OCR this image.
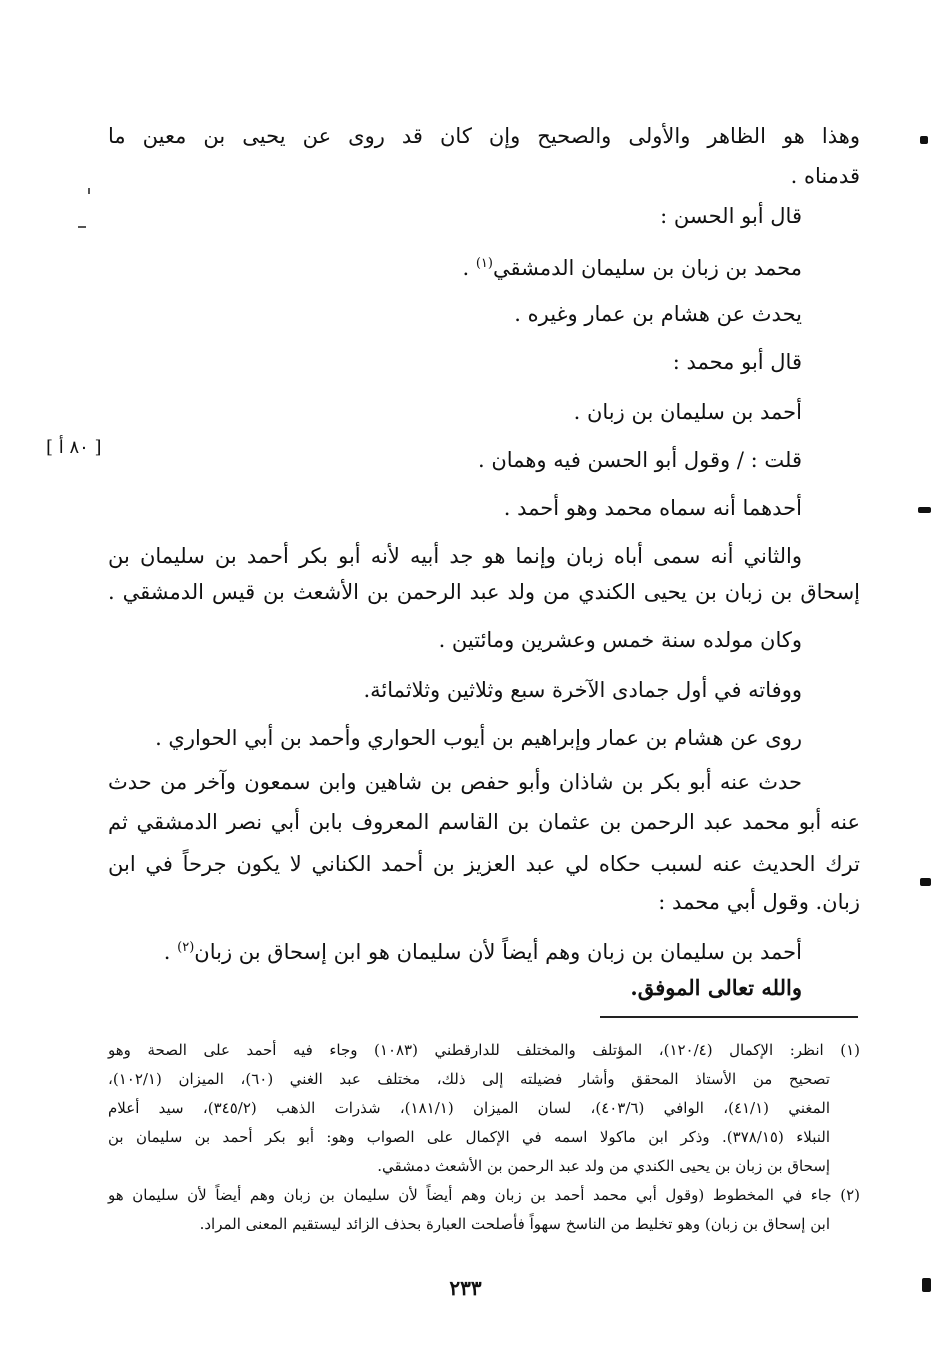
وهذا هو الظاهر والأولى والصحيح وإن كان قد روى عن يحيى بن معين ما
قدمناه .
قال أبو الحسن :
محمد بن زبان بن سليمان الدمشقي$^{(١)}$ .
يحدث عن هشام بن عمار وغيره .
قال أبو محمد :
أحمد بن سليمان بن زبان .
قلت : / وقول أبو الحسن فيه وهمان .
أحدهما أنه سماه محمد وهو أحمد .
والثاني أنه سمى أباه زبان وإنما هو جد أبيه لأنه أبو بكر أحمد بن سليمان بن
إسحاق بن زبان بن يحيى الكندي من ولد عبد الرحمن بن الأشعث بن قيس الدمشقي .
وكان مولده سنة خمس وعشرين ومائتين .
ووفاته في أول جمادى الآخرة سبع وثلاثين وثلاثمائة.
روى عن هشام بن عمار وإبراهيم بن أيوب الحواري وأحمد بن أبي الحواري .
حدث عنه أبو بكر بن شاذان وأبو حفص بن شاهين وابن سمعون وآخر من حدث
عنه أبو محمد عبد الرحمن بن عثمان بن القاسم المعروف بابن أبي نصر الدمشقي ثم
ترك الحديث عنه لسبب حكاه لي عبد العزيز بن أحمد الكناني لا يكون جرحاً في ابن
زبان. وقول أبي محمد :
أحمد بن سليمان بن زبان وهم أيضاً لأن سليمان هو ابن إسحاق بن زبان$^{(٢)}$ .
والله تعالى الموفق.
[ ٨٠ أ ]
(١) انظر: الإكمال (١٢٠/٤)، المؤتلف والمختلف للدارقطني (١٠٨٣) وجاء فيه أحمد على الصحة وهو
تصحيح من الأستاذ المحقق وأشار فضيلته إلى ذلك، مختلف عبد الغني (٦٠)، الميزان (١٠٢/١)،
المغني (٤١/١)، الوافي (٤٠٣/٦)، لسان الميزان (١٨١/١)، شذرات الذهب (٣٤٥/٢)، سيد أعلام
النبلاء (٣٧٨/١٥). وذكر ابن ماكولا اسمه في الإكمال على الصواب وهو: أبو بكر أحمد بن سليمان بن
إسحاق بن زبان بن يحيى الكندي من ولد عبد الرحمن بن الأشعث دمشقي.
(٢) جاء في المخطوط (وقول أبي محمد أحمد بن زبان وهم أيضاً لأن سليمان بن زبان وهم أيضاً لأن سليمان هو
ابن إسحاق بن زبان) وهو تخليط من الناسخ سهواً فأصلحت العبارة بحذف الزائد ليستقيم المعنى المراد.
٢٣٣
